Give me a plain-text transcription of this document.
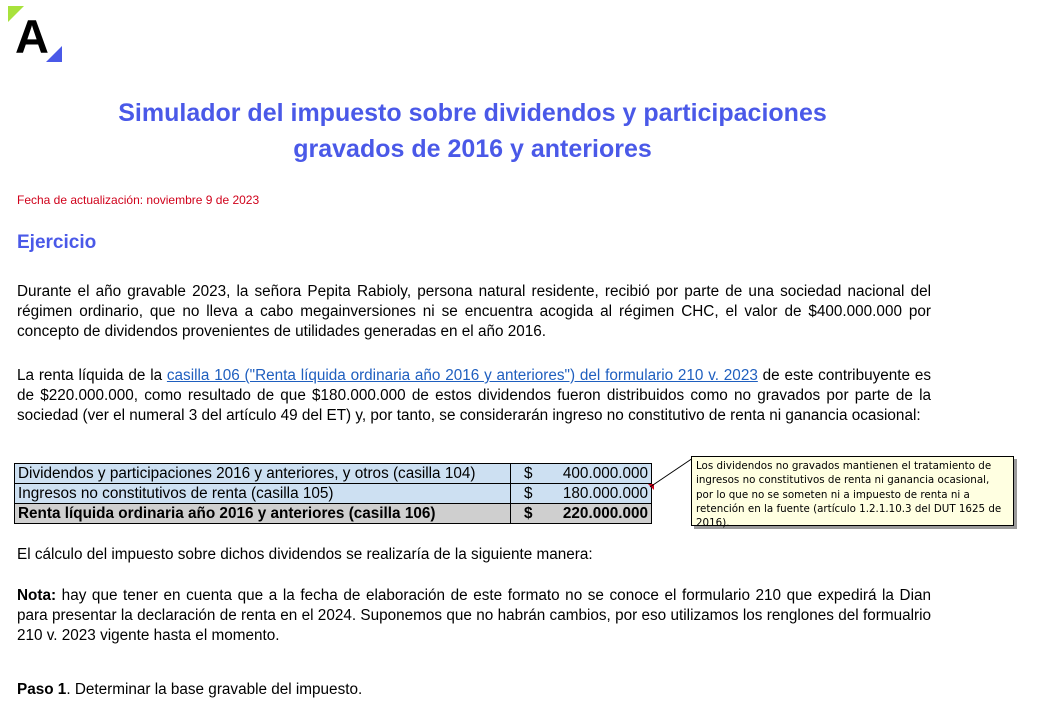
A
Simulador del impuesto sobre dividendos y participaciones
gravados de 2016 y anteriores
Fecha de actualización: noviembre 9 de 2023
Ejercicio
Durante el año gravable 2023, la señora Pepita Rabioly, persona natural residente, recibió por parte de una sociedad nacional del régimen ordinario, que no lleva a cabo megainversiones ni se encuentra acogida al régimen CHC, el valor de $400.000.000 por concepto de dividendos provenientes de utilidades generadas en el año 2016.
La renta líquida de la casilla 106 ("Renta líquida ordinaria año 2016 y anteriores") del formulario 210 v. 2023 de este contribuyente es de $220.000.000, como resultado de que $180.000.000 de estos dividendos fueron distribuidos como no gravados por parte de la sociedad (ver el numeral 3 del artículo 49 del ET) y, por tanto, se considerarán ingreso no constitutivo de renta ni ganancia ocasional:
Dividendos y participaciones 2016 y anteriores, y otros (casilla 104)	$ 400.000.000

Ingresos no constitutivos de renta (casilla 105)	$ 180.000.000

Renta líquida ordinaria año 2016 y anteriores (casilla 106)	$ 220.000.000
Los dividendos no gravados mantienen el tratamiento de ingresos no constitutivos de renta ni ganancia ocasional, por lo que no se someten ni a impuesto de renta ni a retención en la fuente (artículo 1.2.1.10.3 del DUT 1625 de 2016).
El cálculo del impuesto sobre dichos dividendos se realizaría de la siguiente manera:
Nota: hay que tener en cuenta que a la fecha de elaboración de este formato no se conoce el formulario 210 que expedirá la Dian para presentar la declaración de renta en el 2024. Suponemos que no habrán cambios, por eso utilizamos los renglones del formualrio 210 v. 2023 vigente hasta el momento.
Paso 1. Determinar la base gravable del impuesto.
